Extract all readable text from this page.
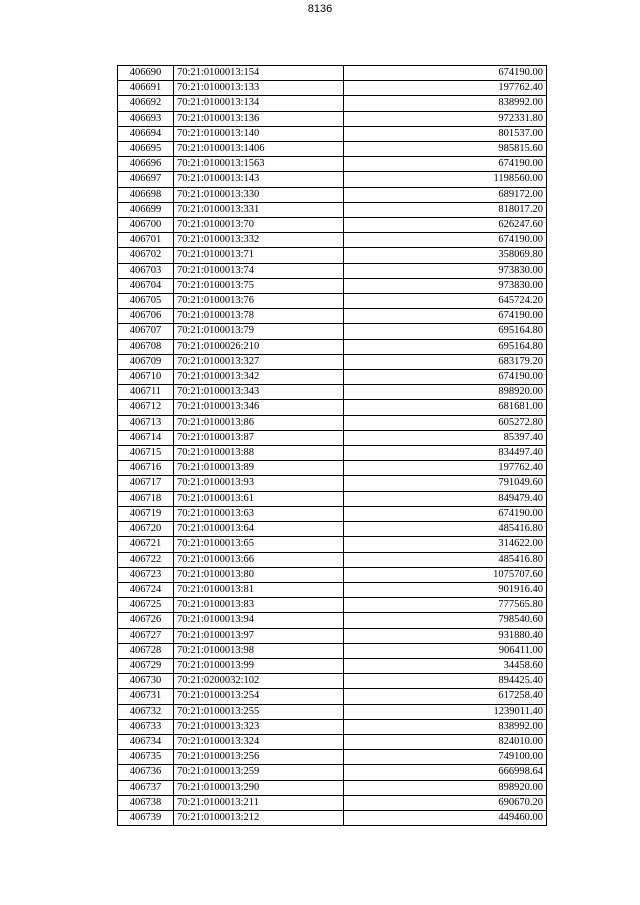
8136
406690	70:21:0100013:154	674190.00
406691	70:21:0100013:133	197762.40
406692	70:21:0100013:134	838992.00
406693	70:21:0100013:136	972331.80
406694	70:21:0100013:140	801537.00
406695	70:21:0100013:1406	985815.60
406696	70:21:0100013:1563	674190.00
406697	70:21:0100013:143	1198560.00
406698	70:21:0100013:330	689172.00
406699	70:21:0100013:331	818017.20
406700	70:21:0100013:70	626247.60
406701	70:21:0100013:332	674190.00
406702	70:21:0100013:71	358069.80
406703	70:21:0100013:74	973830.00
406704	70:21:0100013:75	973830.00
406705	70:21:0100013:76	645724.20
406706	70:21:0100013:78	674190.00
406707	70:21:0100013:79	695164.80
406708	70:21:0100026:210	695164.80
406709	70:21:0100013:327	683179.20
406710	70:21:0100013:342	674190.00
406711	70:21:0100013:343	898920.00
406712	70:21:0100013:346	681681.00
406713	70:21:0100013:86	605272.80
406714	70:21:0100013:87	85397.40
406715	70:21:0100013:88	834497.40
406716	70:21:0100013:89	197762.40
406717	70:21:0100013:93	791049.60
406718	70:21:0100013:61	849479.40
406719	70:21:0100013:63	674190.00
406720	70:21:0100013:64	485416.80
406721	70:21:0100013:65	314622.00
406722	70:21:0100013:66	485416.80
406723	70:21:0100013:80	1075707.60
406724	70:21:0100013:81	901916.40
406725	70:21:0100013:83	777565.80
406726	70:21:0100013:94	798540.60
406727	70:21:0100013:97	931880.40
406728	70:21:0100013:98	906411.00
406729	70:21:0100013:99	34458.60
406730	70:21:0200032:102	894425.40
406731	70:21:0100013:254	617258.40
406732	70:21:0100013:255	1239011.40
406733	70:21:0100013:323	838992.00
406734	70:21:0100013:324	824010.00
406735	70:21:0100013:256	749100.00
406736	70:21:0100013:259	666998.64
406737	70:21:0100013:290	898920.00
406738	70:21:0100013:211	690670.20
406739	70:21:0100013:212	449460.00
